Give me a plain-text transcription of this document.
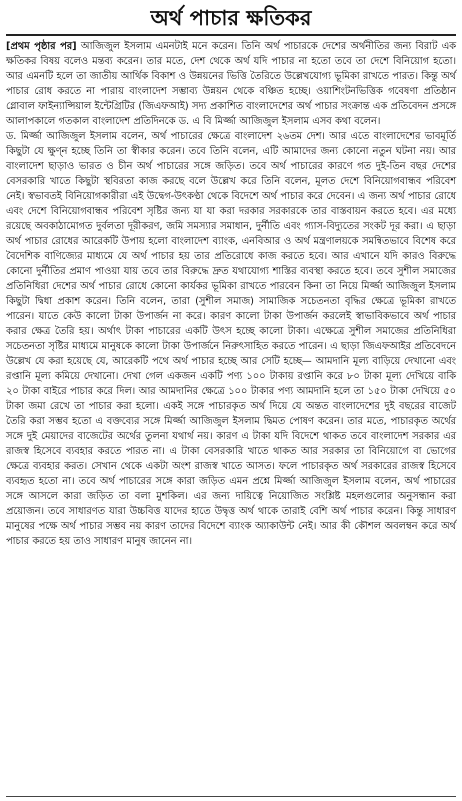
অর্থ পাচার ক্ষতিকর

[প্রথম পৃষ্ঠার পর] আজিজুল ইসলাম এমনটাই মনে করেন। তিনি অর্থ পাচারকে দেশের অর্থনীতির জন্য বিরাট এক ক্ষতিকর বিষয় বলেও মন্তব্য করেন। তার মতে, দেশ থেকে অর্থ যদি পাচার না হতো তবে তা দেশে বিনিয়োগ হতো। আর এমনটি হলে তা জাতীয় আর্থিক বিকাশ ও উন্নয়নের ভিত্তি তৈরিতে উল্লেখযোগ্য ভূমিকা রাখতে পারত। কিন্তু অর্থ পাচার রোধ করতে না পারায় বাংলাদেশ সম্ভাব্য উন্নয়ন থেকে বঞ্চিত হচ্ছে। ওয়াশিংটনভিত্তিক গবেষণা প্রতিষ্ঠান গ্লোবাল ফাইন্যান্সিয়াল ইন্টেগ্রিটির (জিএফআই) সদ্য প্রকাশিত বাংলাদেশের অর্থ পাচার সংক্রান্ত এক প্রতিবেদন প্রসঙ্গে আলাপকালে গতকাল বাংলাদেশ প্রতিদিনকে ড. এ বি মির্জ্জা আজিজুল ইসলাম এসব কথা বলেন।

ড. মির্জ্জা আজিজুল ইসলাম বলেন, অর্থ পাচারের ক্ষেত্রে বাংলাদেশ ২৬তম দেশ। আর এতে বাংলাদেশের ভাবমূর্তি কিছুটা যে ক্ষুণ্ন হচ্ছে তিনি তা স্বীকার করেন। তবে তিনি বলেন, এটি আমাদের জন্য কোনো নতুন ঘটনা নয়। আর বাংলাদেশ ছাড়াও ভারত ও চীন অর্থ পাচারের সঙ্গে জড়িত। তবে অর্থ পাচারের কারণে গত দুই-তিন বছর দেশের বেসরকারি খাতে কিছুটা স্থবিরতা কাজ করছে বলে উল্লেখ করে তিনি বলেন, মূলত দেশে বিনিয়োগবান্ধব পরিবেশ নেই। স্বভাবতই বিনিয়োগকারীরা এই উদ্বেগ-উৎকণ্ঠা থেকে বিদেশে অর্থ পাচার করে দেবেন। এ জন্য অর্থ পাচার রোধে এবং দেশে বিনিয়োগবান্ধব পরিবেশ সৃষ্টির জন্য যা যা করা দরকার সরকারকে তার বাস্তবায়ন করতে হবে। এর মধ্যে রয়েছে অবকাঠামোগত দুর্বলতা দূরীকরণ, জমি সমস্যার সমাধান, দুর্নীতি এবং গ্যাস-বিদ্যুতের সংকট দূর করা। এ ছাড়া অর্থ পাচার রোধের আরেকটি উপায় হলো বাংলাদেশ ব্যাংক, এনবিআর ও অর্থ মন্ত্রণালয়কে সমন্বিতভাবে বিশেষ করে বৈদেশিক বাণিজ্যের মাধ্যমে যে অর্থ পাচার হয় তার প্রতিরোধে কাজ করতে হবে। আর এখানে যদি কারও বিরুদ্ধে কোনো দুর্নীতির প্রমাণ পাওয়া যায় তবে তার বিরুদ্ধে দ্রুত যথাযোগ্য শাস্তির ব্যবস্থা করতে হবে। তবে সুশীল সমাজের প্রতিনিধিরা দেশের অর্থ পাচার রোধে কোনো কার্যকর ভূমিকা রাখতে পারবেন কিনা তা নিয়ে মির্জ্জা আজিজুল ইসলাম কিছুটা দ্বিধা প্রকাশ করেন। তিনি বলেন, তারা (সুশীল সমাজ) সামাজিক সচেতনতা বৃদ্ধির ক্ষেত্রে ভূমিকা রাখতে পারেন। যাতে কেউ কালো টাকা উপার্জন না করে। কারণ কালো টাকা উপার্জন করলেই স্বাভাবিকভাবে অর্থ পাচার করার ক্ষেত্র তৈরি হয়। অর্থাৎ টাকা পাচারের একটি উৎস হচ্ছে কালো টাকা। এক্ষেত্রে সুশীল সমাজের প্রতিনিধিরা সচেতনতা সৃষ্টির মাধ্যমে মানুষকে কালো টাকা উপার্জনে নিরুৎসাহিত করতে পারেন। এ ছাড়া জিএফআইর প্রতিবেদনে উল্লেখ যে করা হয়েছে যে, আরেকটি পথে অর্থ পাচার হচ্ছে আর সেটি হচ্ছে— আমদানি মূল্য বাড়িয়ে দেখানো এবং রপ্তানি মূল্য কমিয়ে দেখানো। দেখা গেল একজন একটি পণ্য ১০০ টাকায় রপ্তানি করে ৮০ টাকা মূল্য দেখিয়ে বাকি ২০ টাকা বাইরে পাচার করে দিল। আর আমদানির ক্ষেত্রে ১০০ টাকার পণ্য আমদানি হলে তা ১৫০ টাকা দেখিয়ে ৫০ টাকা জমা রেখে তা পাচার করা হলো। একই সঙ্গে পাচারকৃত অর্থ দিয়ে যে অন্তত বাংলাদেশের দুই বছরের বাজেট তৈরি করা সম্ভব হতো এ বক্তব্যের সঙ্গে মির্জ্জা আজিজুল ইসলাম দ্বিমত পোষণ করেন। তার মতে, পাচারকৃত অর্থের সঙ্গে দুই মেয়াদের বাজেটের অর্থের তুলনা যথার্থ নয়। কারণ এ টাকা যদি বিদেশে থাকত তবে বাংলাদেশ সরকার এর রাজস্ব হিসেবে ব্যবহার করতে পারত না। এ টাকা বেসরকারি খাতে থাকত আর সরকার তা বিনিয়োগে বা ভোগের ক্ষেত্রে ব্যবহার করত। সেখান থেকে একটা অংশ রাজস্ব খাতে আসত। ফলে পাচারকৃত অর্থ সরকারের রাজস্ব হিসেবে ব্যবহৃত হতো না। তবে অর্থ পাচারের সঙ্গে কারা জড়িত এমন প্রশ্নে মির্জ্জা আজিজুল ইসলাম বলেন, অর্থ পাচারের সঙ্গে আসলে কারা জড়িত তা বলা মুশকিল। এর জন্য দায়িত্বে নিয়োজিত সংশ্লিষ্ট মহলগুলোর অনুসন্ধান করা প্রয়োজন। তবে সাধারণত যারা উচ্চবিত্ত যাদের হাতে উদ্বৃত্ত অর্থ থাকে তারাই বেশি অর্থ পাচার করেন। কিন্তু সাধারণ মানুষের পক্ষে অর্থ পাচার সম্ভব নয় কারণ তাদের বিদেশে ব্যাংক অ্যাকাউন্ট নেই। আর কী কৌশল অবলম্বন করে অর্থ পাচার করতে হয় তাও সাধারণ মানুষ জানেন না।
